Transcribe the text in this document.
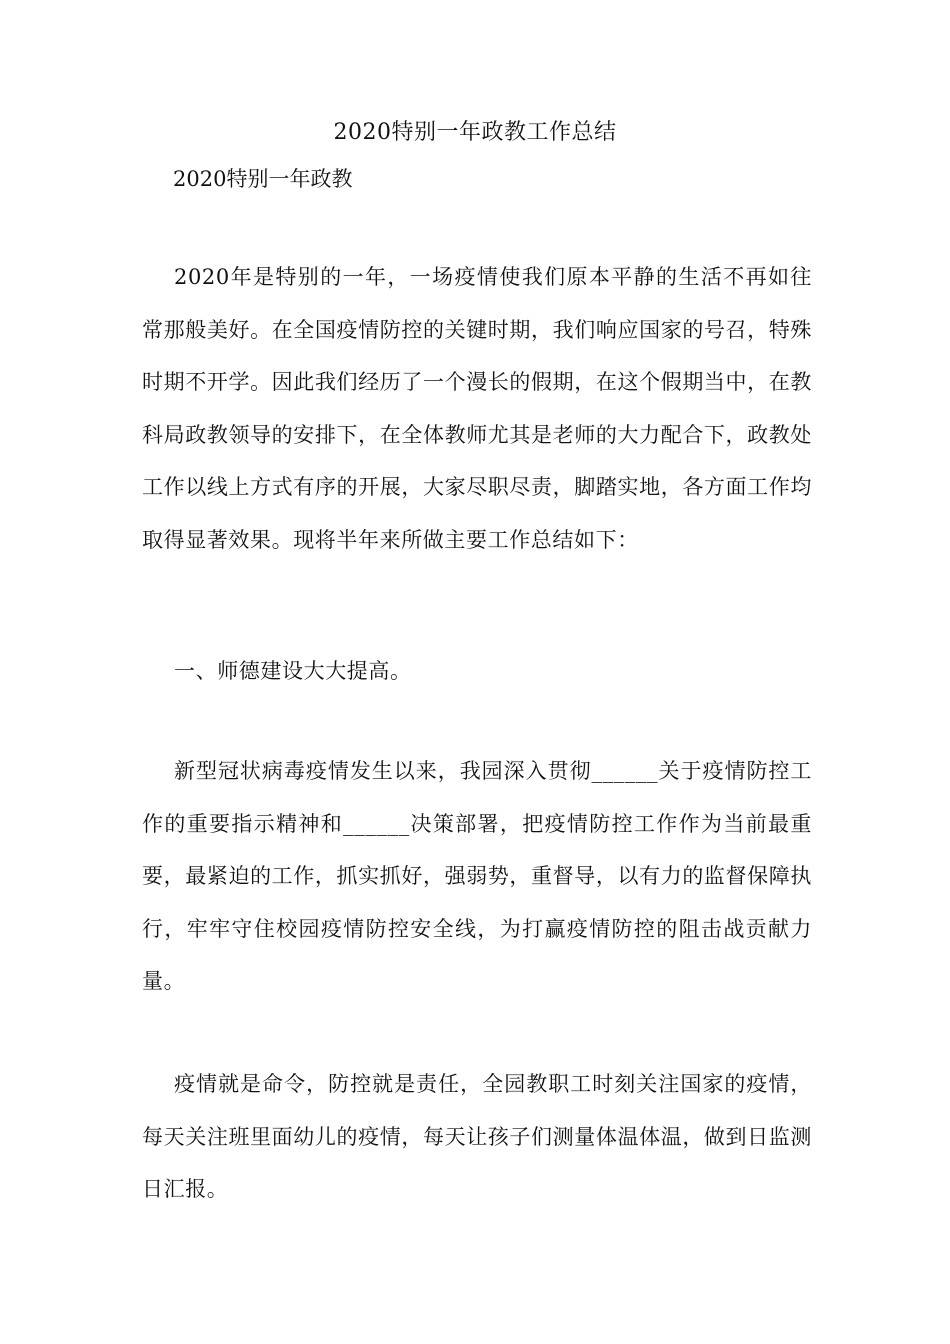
2020特别一年政教工作总结
2020特别一年政教

2020年是特别的一年，一场疫情使我们原本平静的生活不再如往常那般美好。在全国疫情防控的关键时期，我们响应国家的号召，特殊时期不开学。因此我们经历了一个漫长的假期，在这个假期当中，在教科局政教领导的安排下，在全体教师尤其是老师的大力配合下，政教处工作以线上方式有序的开展，大家尽职尽责，脚踏实地，各方面工作均取得显著效果。现将半年来所做主要工作总结如下：

一、师德建设大大提高。

新型冠状病毒疫情发生以来，我园深入贯彻______关于疫情防控工作的重要指示精神和______决策部署，把疫情防控工作作为当前最重要，最紧迫的工作，抓实抓好，强弱势，重督导，以有力的监督保障执行，牢牢守住校园疫情防控安全线，为打赢疫情防控的阻击战贡献力量。

疫情就是命令，防控就是责任，全园教职工时刻关注国家的疫情，每天关注班里面幼儿的疫情，每天让孩子们测量体温体温，做到日监测日汇报。
